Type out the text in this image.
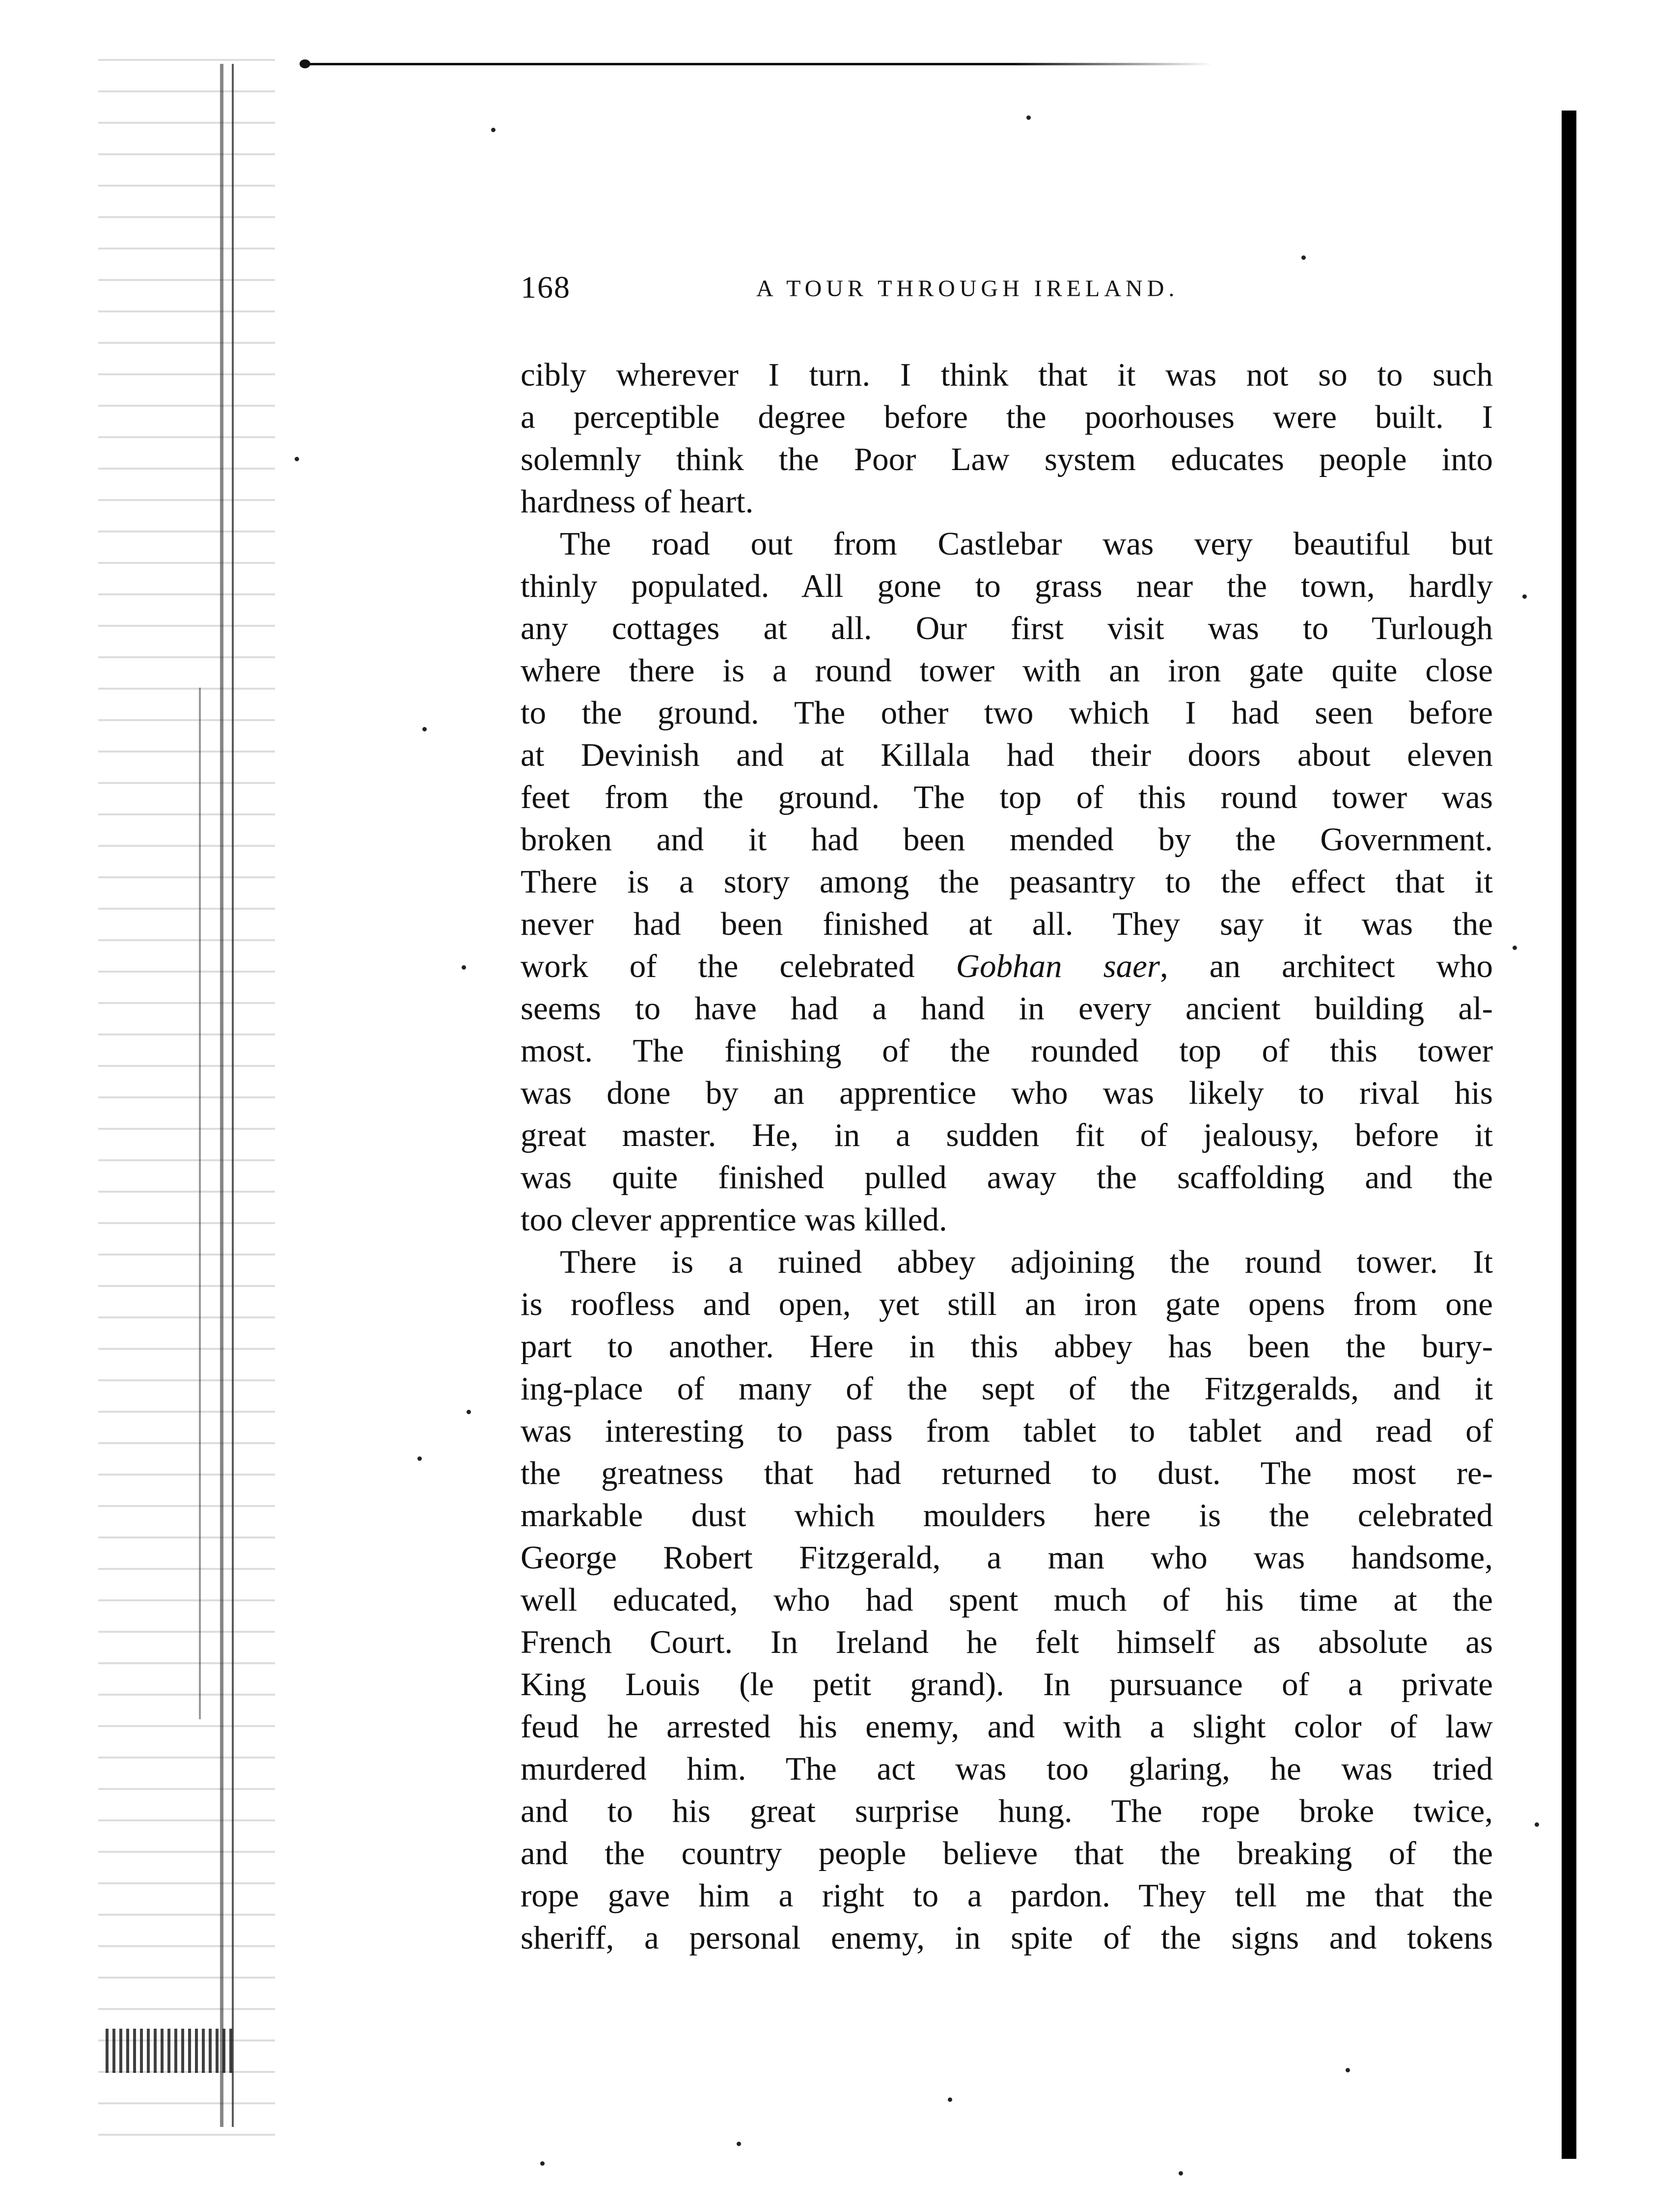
168	A TOUR THROUGH IRELAND.
cibly wherever I turn. I think that it was not so to such
a perceptible degree before the poorhouses were built. I
solemnly think the Poor Law system educates people into
hardness of heart.
The road out from Castlebar was very beautiful but
thinly populated. All gone to grass near the town, hardly
any cottages at all. Our first visit was to Turlough
where there is a round tower with an iron gate quite close
to the ground. The other two which I had seen before
at Devinish and at Killala had their doors about eleven
feet from the ground. The top of this round tower was
broken and it had been mended by the Government.
There is a story among the peasantry to the effect that it
never had been finished at all. They say it was the
work of the celebrated Gobhan saer, an architect who
seems to have had a hand in every ancient building al-
most. The finishing of the rounded top of this tower
was done by an apprentice who was likely to rival his
great master. He, in a sudden fit of jealousy, before it
was quite finished pulled away the scaffolding and the
too clever apprentice was killed.
There is a ruined abbey adjoining the round tower. It
is roofless and open, yet still an iron gate opens from one
part to another. Here in this abbey has been the bury-
ing-place of many of the sept of the Fitzgeralds, and it
was interesting to pass from tablet to tablet and read of
the greatness that had returned to dust. The most re-
markable dust which moulders here is the celebrated
George Robert Fitzgerald, a man who was handsome,
well educated, who had spent much of his time at the
French Court. In Ireland he felt himself as absolute as
King Louis (le petit grand). In pursuance of a private
feud he arrested his enemy, and with a slight color of law
murdered him. The act was too glaring, he was tried
and to his great surprise hung. The rope broke twice,
and the country people believe that the breaking of the
rope gave him a right to a pardon. They tell me that the
sheriff, a personal enemy, in spite of the signs and tokens
